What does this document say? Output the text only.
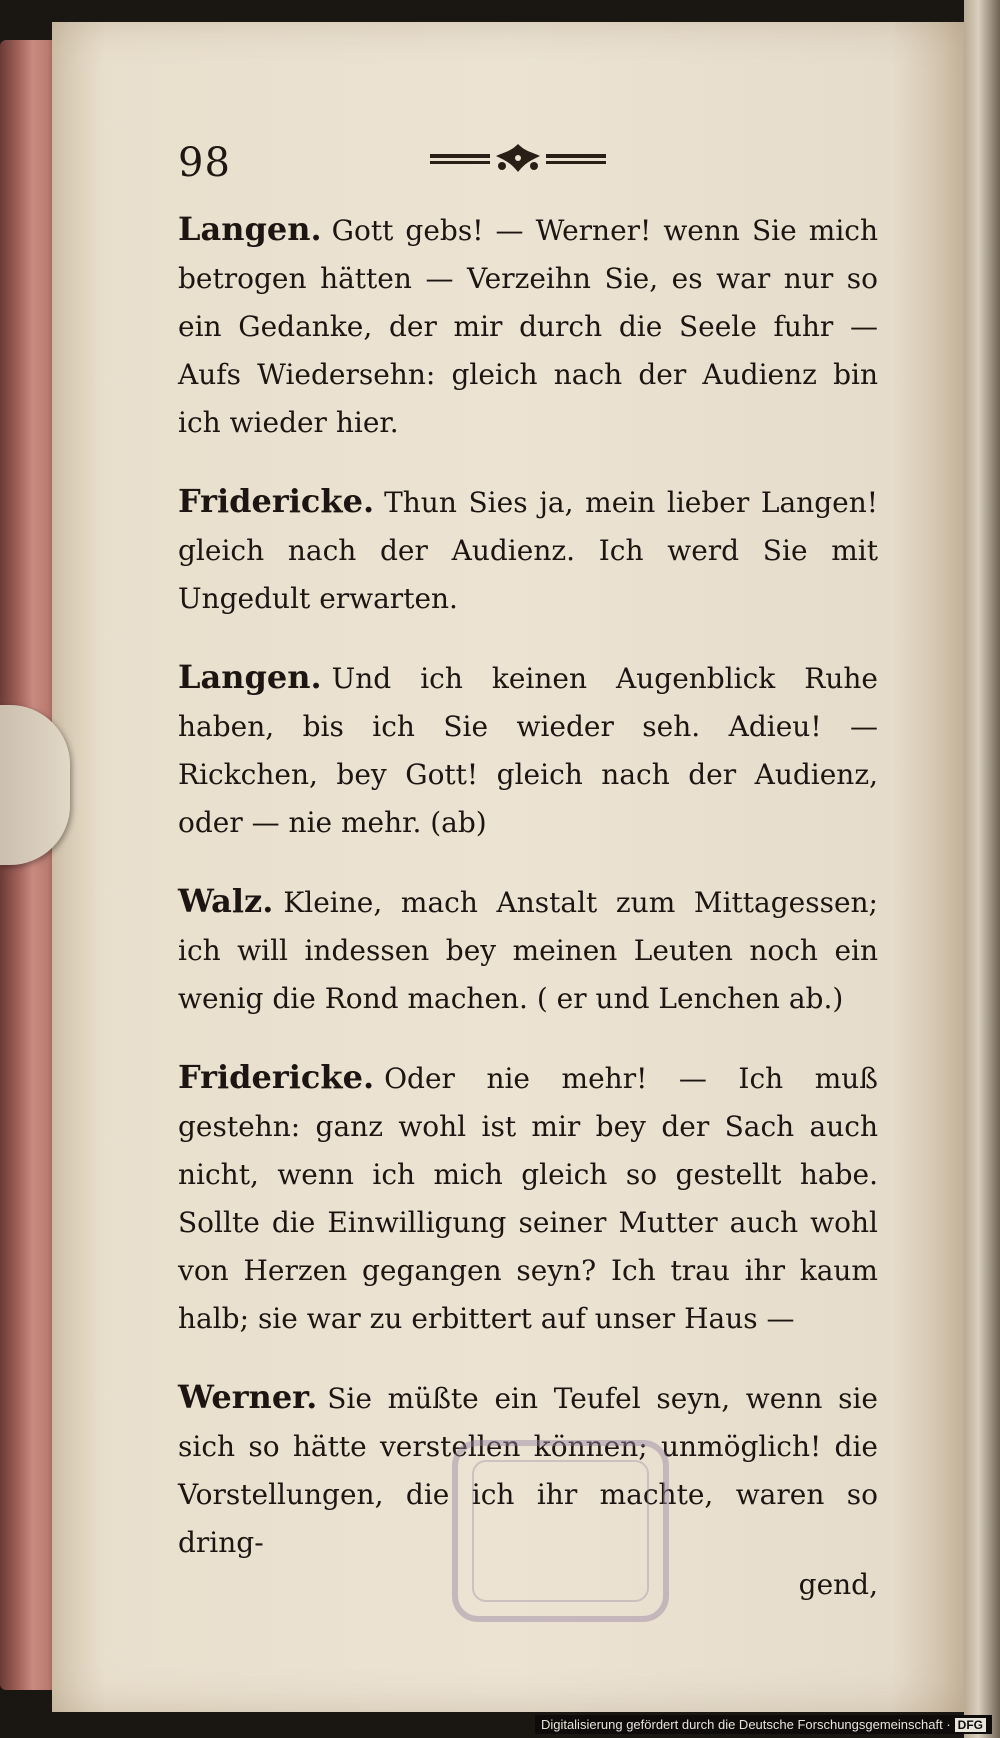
98

Langen. Gott gebs! — Werner! wenn Sie mich betrogen hätten — Verzeihn Sie, es war nur so ein Gedanke, der mir durch die Seele fuhr — Aufs Wiedersehn: gleich nach der Audienz bin ich wieder hier.

Fridericke. Thun Sies ja, mein lieber Langen! gleich nach der Audienz. Ich werd Sie mit Ungedult erwarten.

Langen. Und ich keinen Augenblick Ruhe haben, bis ich Sie wieder seh. Adieu! — Rickchen, bey Gott! gleich nach der Audienz, oder — nie mehr. (ab)

Walz. Kleine, mach Anstalt zum Mittagessen; ich will indessen bey meinen Leuten noch ein wenig die Rond machen. ( er und Lenchen ab.)

Fridericke. Oder nie mehr! — Ich muß gestehn: ganz wohl ist mir bey der Sach auch nicht, wenn ich mich gleich so gestellt habe. Sollte die Einwilligung seiner Mutter auch wohl von Herzen gegangen seyn? Ich trau ihr kaum halb; sie war zu erbittert auf unser Haus —

Werner. Sie müßte ein Teufel seyn, wenn sie sich so hätte verstellen können; unmöglich! die Vorstellungen, die ich ihr machte, waren so dring-

gend,
Digitalisierung gefördert durch die Deutsche Forschungsgemeinschaft · DFG
